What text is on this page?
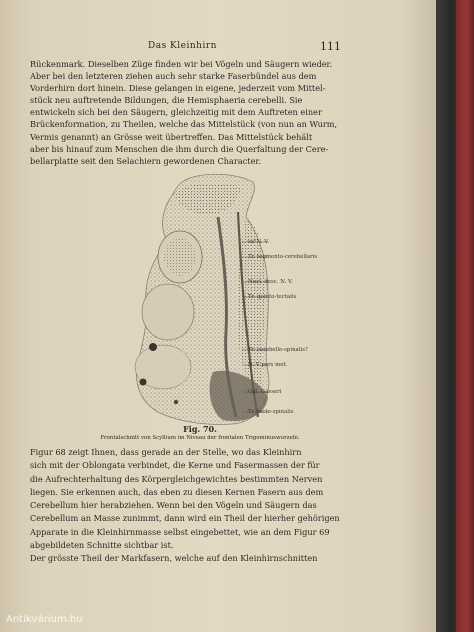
Das Kleinhirn	111
Rückenmark. Dieselben Züge finden wir bei Vögeln und Säugern wieder.
Aber bei den letzteren ziehen auch sehr starke Faserbündel aus dem
Vorderhirn dort hinein. Diese gelangen in eigene, jederzeit vom Mittel-
stück neu auftretende Bildungen, die Hemisphaeria cerebelli. Sie
entwickeln sich bei den Säugern, gleichzeitig mit dem Auftreten einer
Brückenformation, zu Theilen, welche das Mittelstück (von nun an Wurm,
Vermis genannt) an Grösse weit übertreffen. Das Mittelstück behält
aber bis hinauf zum Menschen die ihm durch die Querfaltung der Cere-
bellarplatte seit den Selachiern gewordenen Character.
sa"N. V.
Tr. tegmento-cerebellaris
Nucl. desc. N. V.
Tr. quinto-tectalis
Tr. cerebello-spinalis?
N. V pars mot.
Ggl. Gasseri
Tr. tecto-spinalis
Fig. 70.
Frontalschnitt von Scyllium im Niveau der frontalen Trigeminuswurzeln.
Figur 68 zeigt Ihnen, dass gerade an der Stelle, wo das Kleinhirn
sich mit der Oblongata verbindet, die Kerne und Fasermassen der für
die Aufrechterhaltung des Körpergleichgewichtes bestimmten Nerven
liegen. Sie erkennen auch, das eben zu diesen Kernen Fasern aus dem
Cerebellum hier herabziehen. Wenn bei den Vögeln und Säugern das
Cerebellum an Masse zunimmt, dann wird ein Theil der hierher gehörigen
Apparate in die Kleinhirnmasse selbst eingebettet, wie an dem Figur 69
abgebildeten Schnitte sichtbar ist.
Der grösste Theil der Markfasern, welche auf den Kleinhirnschnitten
Antikvárium.hu
